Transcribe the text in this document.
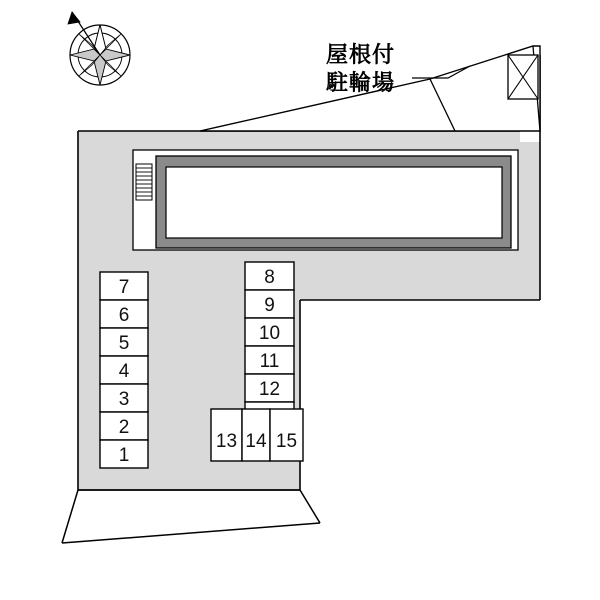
屋根付
駐輪場
7
6
5
4
3
2
1
8
9
10
11
12
13 14 15
